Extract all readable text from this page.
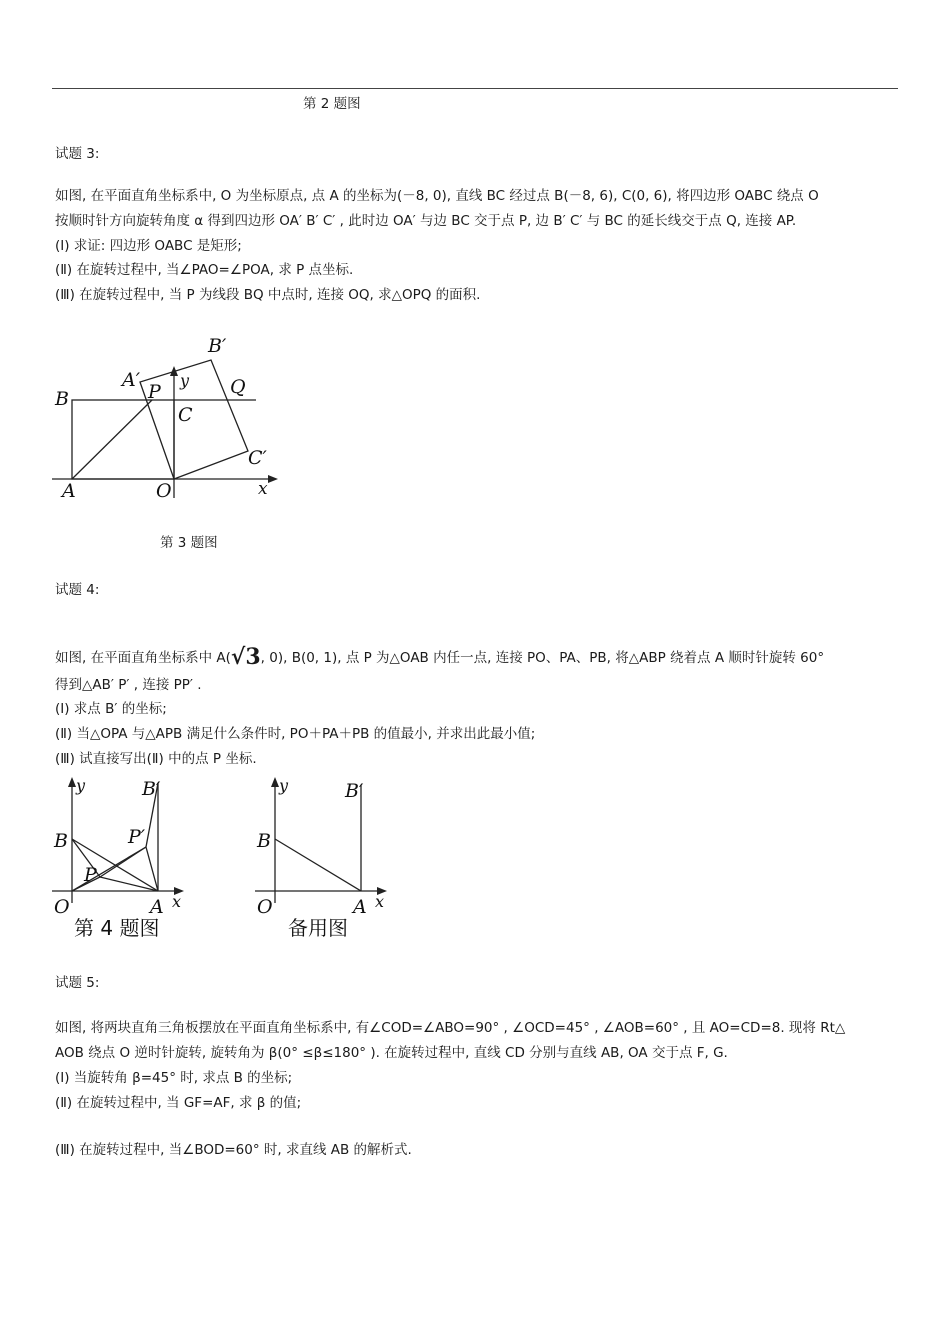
第 2 题图
试题 3:
如图, 在平面直角坐标系中, O 为坐标原点, 点 A 的坐标为(－8, 0), 直线 BC 经过点 B(－8, 6), C(0, 6), 将四边形 OABC 绕点 O
按顺时针方向旋转角度 α 得到四边形 OA′ B′ C′ , 此时边 OA′ 与边 BC 交于点 P, 边 B′ C′ 与 BC 的延长线交于点 Q, 连接 AP.
(Ⅰ) 求证: 四边形 OABC 是矩形;
(Ⅱ) 在旋转过程中, 当∠PAO=∠POA, 求 P 点坐标.
(Ⅲ) 在旋转过程中, 当 P 为线段 BQ 中点时, 连接 OQ, 求△OPQ 的面积.
B
A	O	x
y
C
P
A′
B′
Q
C′
第 3 题图
试题 4:
如图, 在平面直角坐标系中 A(√3, 0), B(0, 1), 点 P 为△OAB 内任一点, 连接 PO、PA、PB, 将△ABP 绕着点 A 顺时针旋转 60°
得到△AB′ P′ , 连接 PP′ .
(Ⅰ) 求点 B′ 的坐标;
(Ⅱ) 当△OPA 与△APB 满足什么条件时, PO＋PA＋PB 的值最小, 并求出此最小值;
(Ⅲ) 试直接写出(Ⅱ) 中的点 P 坐标.
y
x
B
O	A
P
P′
B′
第 4 题图
y
x
B
O	A
B′
备用图
试题 5:
如图, 将两块直角三角板摆放在平面直角坐标系中, 有∠COD=∠ABO=90° , ∠OCD=45° , ∠AOB=60° , 且 AO=CD=8. 现将 Rt△
AOB 绕点 O 逆时针旋转, 旋转角为 β(0° ≤β≤180° ). 在旋转过程中, 直线 CD 分别与直线 AB, OA 交于点 F, G.
(Ⅰ) 当旋转角 β=45° 时, 求点 B 的坐标;
(Ⅱ) 在旋转过程中, 当 GF=AF, 求 β 的值;
(Ⅲ) 在旋转过程中, 当∠BOD=60° 时, 求直线 AB 的解析式.
